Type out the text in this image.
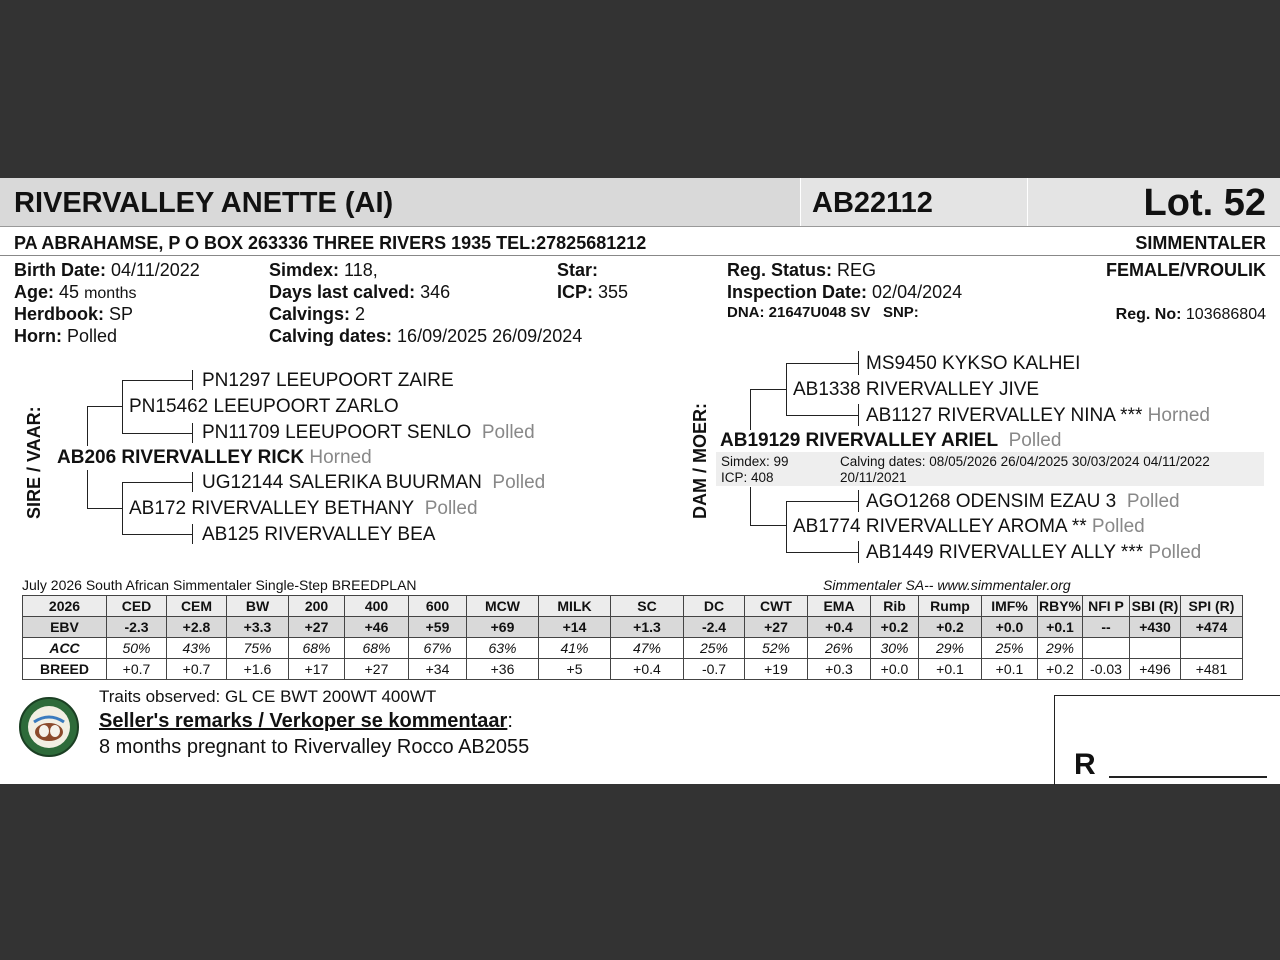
RIVERVALLEY ANETTE (AI)	AB22112	Lot. 52
PA ABRAHAMSE, P O BOX 263336 THREE RIVERS 1935 TEL:27825681212	SIMMENTALER
Birth Date: 04/11/2022
Age: 45 months
Herdbook: SP
Horn: Polled
Simdex: 118,
Days last calved: 346
Calvings: 2
Calving dates: 16/09/2025 26/09/2024
Star:
ICP: 355
Reg. Status: REG
Inspection Date: 02/04/2024
DNA: 21647U048 SV SNP:
FEMALE/VROULIK
Reg. No: 103686804
SIRE / VAAR:
PN1297 LEEUPOORT ZAIRE
PN15462 LEEUPOORT ZARLO
PN11709 LEEUPOORT SENLO Polled
AB206 RIVERVALLEY RICK Horned
UG12144 SALERIKA BUURMAN Polled
AB172 RIVERVALLEY BETHANY Polled
AB125 RIVERVALLEY BEA
DAM / MOER:
MS9450 KYKSO KALHEI
AB1338 RIVERVALLEY JIVE
AB1127 RIVERVALLEY NINA *** Horned
AB19129 RIVERVALLEY ARIEL Polled
Simdex: 99
ICP: 408
Calving dates: 08/05/2026 26/04/2025 30/03/2024 04/11/2022
20/11/2021
AGO1268 ODENSIM EZAU 3 Polled
AB1774 RIVERVALLEY AROMA ** Polled
AB1449 RIVERVALLEY ALLY *** Polled
July 2026 South African Simmentaler Single-Step BREEDPLAN	Simmentaler SA-- www.simmentaler.org
2026	CED	CEM	BW	200	400	600	MCW	MILK	SC	DC	CWT	EMA	Rib	Rump	IMF%	RBY%	NFI P	SBI (R)	SPI (R)
EBV	-2.3	+2.8	+3.3	+27	+46	+59	+69	+14	+1.3	-2.4	+27	+0.4	+0.2	+0.2	+0.0	+0.1	--	+430	+474
ACC	50%	43%	75%	68%	68%	67%	63%	41%	47%	25%	52%	26%	30%	29%	25%	29%			
BREED	+0.7	+0.7	+1.6	+17	+27	+34	+36	+5	+0.4	-0.7	+19	+0.3	+0.0	+0.1	+0.1	+0.2	-0.03	+496	+481
Traits observed: GL CE BWT 200WT 400WT
Seller's remarks / Verkoper se kommentaar:
8 months pregnant to Rivervalley Rocco AB2055
R
